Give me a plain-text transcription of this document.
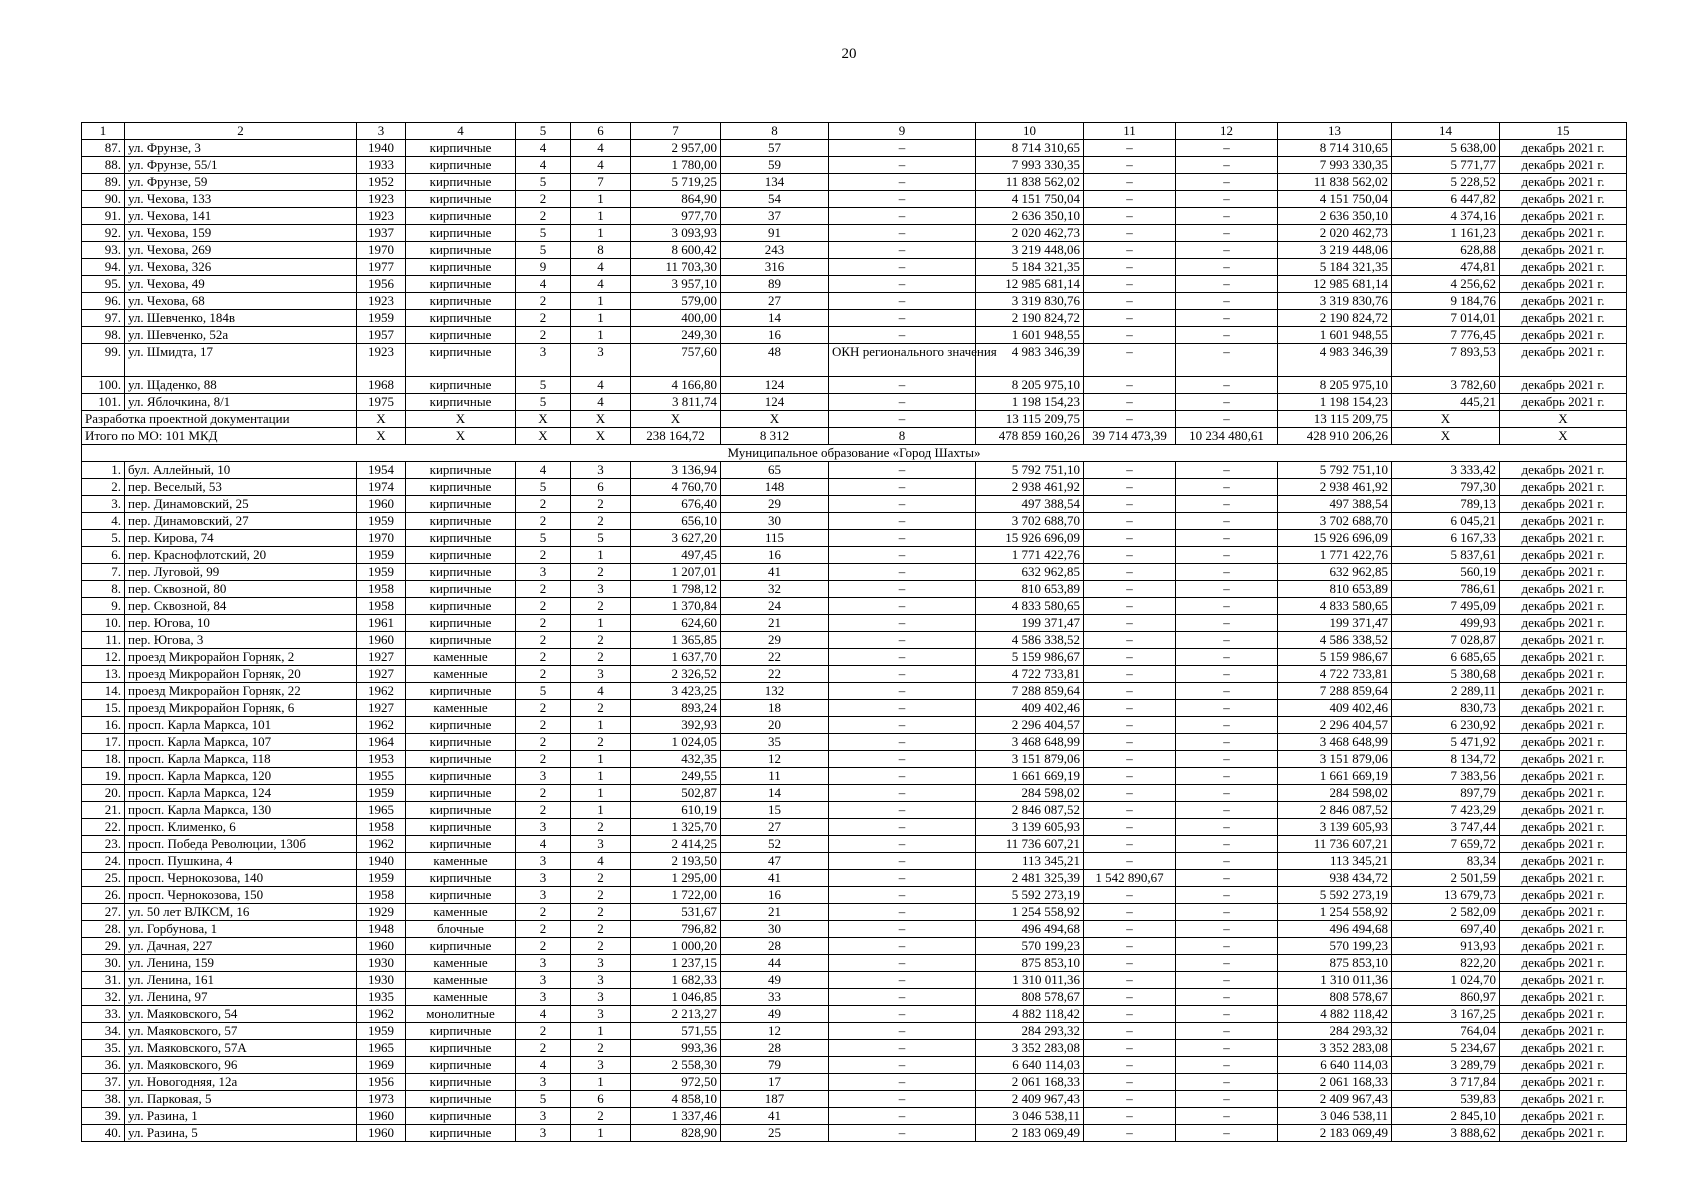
20
1	2	3	4	5	6	7	8	9	10	11	12	13	14	15
87.	ул. Фрунзе, 3	1940	кирпичные	4	4	2 957,00	57	–	8 714 310,65	–	–	8 714 310,65	5 638,00	декабрь 2021 г.
88.	ул. Фрунзе, 55/1	1933	кирпичные	4	4	1 780,00	59	–	7 993 330,35	–	–	7 993 330,35	5 771,77	декабрь 2021 г.
89.	ул. Фрунзе, 59	1952	кирпичные	5	7	5 719,25	134	–	11 838 562,02	–	–	11 838 562,02	5 228,52	декабрь 2021 г.
90.	ул. Чехова, 133	1923	кирпичные	2	1	864,90	54	–	4 151 750,04	–	–	4 151 750,04	6 447,82	декабрь 2021 г.
91.	ул. Чехова, 141	1923	кирпичные	2	1	977,70	37	–	2 636 350,10	–	–	2 636 350,10	4 374,16	декабрь 2021 г.
92.	ул. Чехова, 159	1937	кирпичные	5	1	3 093,93	91	–	2 020 462,73	–	–	2 020 462,73	1 161,23	декабрь 2021 г.
93.	ул. Чехова, 269	1970	кирпичные	5	8	8 600,42	243	–	3 219 448,06	–	–	3 219 448,06	628,88	декабрь 2021 г.
94.	ул. Чехова, 326	1977	кирпичные	9	4	11 703,30	316	–	5 184 321,35	–	–	5 184 321,35	474,81	декабрь 2021 г.
95.	ул. Чехова, 49	1956	кирпичные	4	4	3 957,10	89	–	12 985 681,14	–	–	12 985 681,14	4 256,62	декабрь 2021 г.
96.	ул. Чехова, 68	1923	кирпичные	2	1	579,00	27	–	3 319 830,76	–	–	3 319 830,76	9 184,76	декабрь 2021 г.
97.	ул. Шевченко, 184в	1959	кирпичные	2	1	400,00	14	–	2 190 824,72	–	–	2 190 824,72	7 014,01	декабрь 2021 г.
98.	ул. Шевченко, 52а	1957	кирпичные	2	1	249,30	16	–	1 601 948,55	–	–	1 601 948,55	7 776,45	декабрь 2021 г.
99.	ул. Шмидта, 17	1923	кирпичные	3	3	757,60	48	ОКН регионального значения	4 983 346,39	–	–	4 983 346,39	7 893,53	декабрь 2021 г.
100.	ул. Щаденко, 88	1968	кирпичные	5	4	4 166,80	124	–	8 205 975,10	–	–	8 205 975,10	3 782,60	декабрь 2021 г.
101.	ул. Яблочкина, 8/1	1975	кирпичные	5	4	3 811,74	124	–	1 198 154,23	–	–	1 198 154,23	445,21	декабрь 2021 г.
Разработка проектной документации		X	X	X	X	X	X	–	13 115 209,75	–	–	13 115 209,75	X	X
Итого по МО: 101 МКД		X	X	X	X	238 164,72	8 312	8	478 859 160,26	39 714 473,39	10 234 480,61	428 910 206,26	X	X
Муниципальное образование «Город Шахты»														
1.	бул. Аллейный, 10	1954	кирпичные	4	3	3 136,94	65	–	5 792 751,10	–	–	5 792 751,10	3 333,42	декабрь 2021 г.
2.	пер. Веселый, 53	1974	кирпичные	5	6	4 760,70	148	–	2 938 461,92	–	–	2 938 461,92	797,30	декабрь 2021 г.
3.	пер. Динамовский, 25	1960	кирпичные	2	2	676,40	29	–	497 388,54	–	–	497 388,54	789,13	декабрь 2021 г.
4.	пер. Динамовский, 27	1959	кирпичные	2	2	656,10	30	–	3 702 688,70	–	–	3 702 688,70	6 045,21	декабрь 2021 г.
5.	пер. Кирова, 74	1970	кирпичные	5	5	3 627,20	115	–	15 926 696,09	–	–	15 926 696,09	6 167,33	декабрь 2021 г.
6.	пер. Краснофлотский, 20	1959	кирпичные	2	1	497,45	16	–	1 771 422,76	–	–	1 771 422,76	5 837,61	декабрь 2021 г.
7.	пер. Луговой, 99	1959	кирпичные	3	2	1 207,01	41	–	632 962,85	–	–	632 962,85	560,19	декабрь 2021 г.
8.	пер. Сквозной, 80	1958	кирпичные	2	3	1 798,12	32	–	810 653,89	–	–	810 653,89	786,61	декабрь 2021 г.
9.	пер. Сквозной, 84	1958	кирпичные	2	2	1 370,84	24	–	4 833 580,65	–	–	4 833 580,65	7 495,09	декабрь 2021 г.
10.	пер. Югова, 10	1961	кирпичные	2	1	624,60	21	–	199 371,47	–	–	199 371,47	499,93	декабрь 2021 г.
11.	пер. Югова, 3	1960	кирпичные	2	2	1 365,85	29	–	4 586 338,52	–	–	4 586 338,52	7 028,87	декабрь 2021 г.
12.	проезд Микрорайон Горняк, 2	1927	каменные	2	2	1 637,70	22	–	5 159 986,67	–	–	5 159 986,67	6 685,65	декабрь 2021 г.
13.	проезд Микрорайон Горняк, 20	1927	каменные	2	3	2 326,52	22	–	4 722 733,81	–	–	4 722 733,81	5 380,68	декабрь 2021 г.
14.	проезд Микрорайон Горняк, 22	1962	кирпичные	5	4	3 423,25	132	–	7 288 859,64	–	–	7 288 859,64	2 289,11	декабрь 2021 г.
15.	проезд Микрорайон Горняк, 6	1927	каменные	2	2	893,24	18	–	409 402,46	–	–	409 402,46	830,73	декабрь 2021 г.
16.	просп. Карла Маркса, 101	1962	кирпичные	2	1	392,93	20	–	2 296 404,57	–	–	2 296 404,57	6 230,92	декабрь 2021 г.
17.	просп. Карла Маркса, 107	1964	кирпичные	2	2	1 024,05	35	–	3 468 648,99	–	–	3 468 648,99	5 471,92	декабрь 2021 г.
18.	просп. Карла Маркса, 118	1953	кирпичные	2	1	432,35	12	–	3 151 879,06	–	–	3 151 879,06	8 134,72	декабрь 2021 г.
19.	просп. Карла Маркса, 120	1955	кирпичные	3	1	249,55	11	–	1 661 669,19	–	–	1 661 669,19	7 383,56	декабрь 2021 г.
20.	просп. Карла Маркса, 124	1959	кирпичные	2	1	502,87	14	–	284 598,02	–	–	284 598,02	897,79	декабрь 2021 г.
21.	просп. Карла Маркса, 130	1965	кирпичные	2	1	610,19	15	–	2 846 087,52	–	–	2 846 087,52	7 423,29	декабрь 2021 г.
22.	просп. Клименко, 6	1958	кирпичные	3	2	1 325,70	27	–	3 139 605,93	–	–	3 139 605,93	3 747,44	декабрь 2021 г.
23.	просп. Победа Революции, 130б	1962	кирпичные	4	3	2 414,25	52	–	11 736 607,21	–	–	11 736 607,21	7 659,72	декабрь 2021 г.
24.	просп. Пушкина, 4	1940	каменные	3	4	2 193,50	47	–	113 345,21	–	–	113 345,21	83,34	декабрь 2021 г.
25.	просп. Чернокозова, 140	1959	кирпичные	3	2	1 295,00	41	–	2 481 325,39	1 542 890,67	–	938 434,72	2 501,59	декабрь 2021 г.
26.	просп. Чернокозова, 150	1958	кирпичные	3	2	1 722,00	16	–	5 592 273,19	–	–	5 592 273,19	13 679,73	декабрь 2021 г.
27.	ул. 50 лет ВЛКСМ, 16	1929	каменные	2	2	531,67	21	–	1 254 558,92	–	–	1 254 558,92	2 582,09	декабрь 2021 г.
28.	ул. Горбунова, 1	1948	блочные	2	2	796,82	30	–	496 494,68	–	–	496 494,68	697,40	декабрь 2021 г.
29.	ул. Дачная, 227	1960	кирпичные	2	2	1 000,20	28	–	570 199,23	–	–	570 199,23	913,93	декабрь 2021 г.
30.	ул. Ленина, 159	1930	каменные	3	3	1 237,15	44	–	875 853,10	–	–	875 853,10	822,20	декабрь 2021 г.
31.	ул. Ленина, 161	1930	каменные	3	3	1 682,33	49	–	1 310 011,36	–	–	1 310 011,36	1 024,70	декабрь 2021 г.
32.	ул. Ленина, 97	1935	каменные	3	3	1 046,85	33	–	808 578,67	–	–	808 578,67	860,97	декабрь 2021 г.
33.	ул. Маяковского, 54	1962	монолитные	4	3	2 213,27	49	–	4 882 118,42	–	–	4 882 118,42	3 167,25	декабрь 2021 г.
34.	ул. Маяковского, 57	1959	кирпичные	2	1	571,55	12	–	284 293,32	–	–	284 293,32	764,04	декабрь 2021 г.
35.	ул. Маяковского, 57А	1965	кирпичные	2	2	993,36	28	–	3 352 283,08	–	–	3 352 283,08	5 234,67	декабрь 2021 г.
36.	ул. Маяковского, 96	1969	кирпичные	4	3	2 558,30	79	–	6 640 114,03	–	–	6 640 114,03	3 289,79	декабрь 2021 г.
37.	ул. Новогодняя, 12а	1956	кирпичные	3	1	972,50	17	–	2 061 168,33	–	–	2 061 168,33	3 717,84	декабрь 2021 г.
38.	ул. Парковая, 5	1973	кирпичные	5	6	4 858,10	187	–	2 409 967,43	–	–	2 409 967,43	539,83	декабрь 2021 г.
39.	ул. Разина, 1	1960	кирпичные	3	2	1 337,46	41	–	3 046 538,11	–	–	3 046 538,11	2 845,10	декабрь 2021 г.
40.	ул. Разина, 5	1960	кирпичные	3	1	828,90	25	–	2 183 069,49	–	–	2 183 069,49	3 888,62	декабрь 2021 г.
